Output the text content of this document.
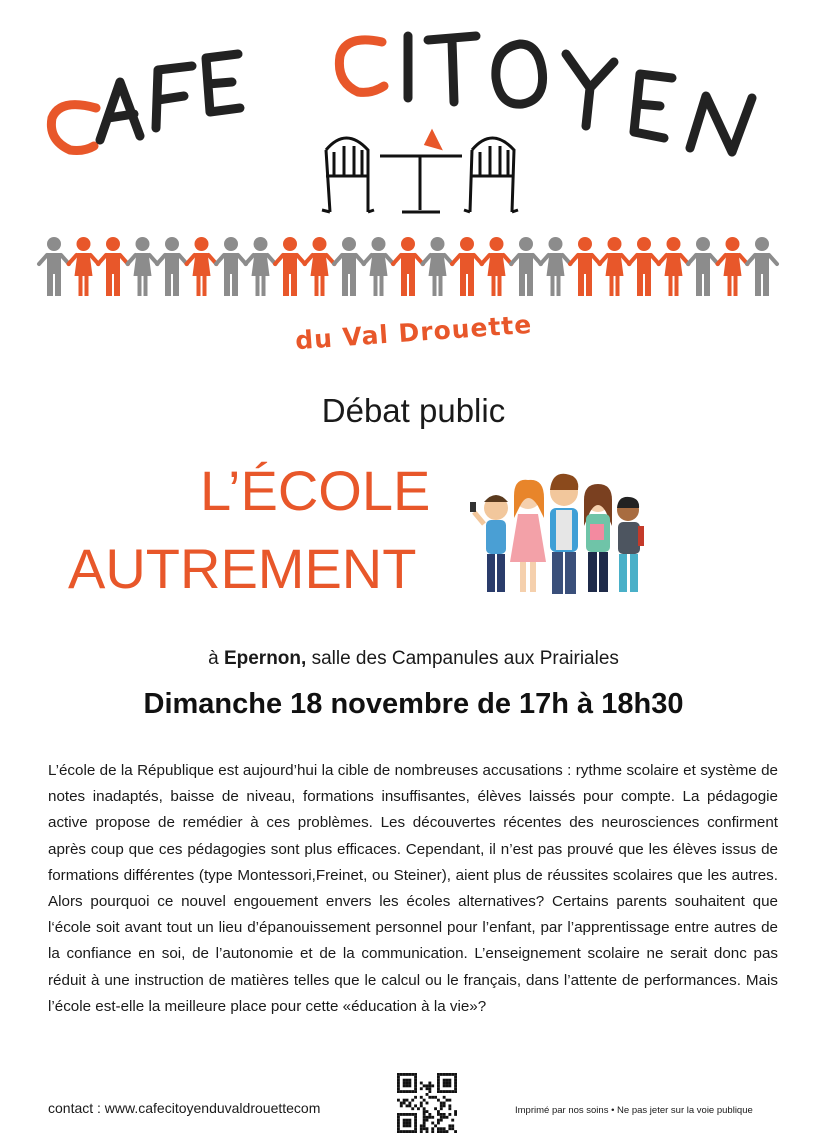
du Val Drouette
Débat public
L’ÉCOLE
AUTREMENT
à Epernon, salle des Campanules aux Prairiales
Dimanche 18 novembre de 17h à 18h30
L’école de la République est aujourd’hui la cible de nombreuses accusations : rythme scolaire et système de notes inadaptés, baisse de niveau, formations insuffisantes, élèves laissés pour compte. La pédagogie active propose de remédier à ces problèmes. Les découvertes récentes des neurosciences confirment après coup que ces pédagogies sont plus efficaces. Cependant, il n’est pas prouvé que les élèves issus de formations différentes (type Montessori,Freinet, ou Steiner), aient plus de réussites scolaires que les autres. Alors pourquoi ce nouvel engouement envers les écoles alternatives? Certains parents souhaitent que l‘école soit avant tout un lieu d’épanouissement personnel pour l’enfant, par l’apprentissage entre autres de la confiance en soi, de l’autonomie et de la communication. L’enseignement scolaire ne serait donc pas réduit à une instruction de matières telles que le calcul ou le français, dans l’attente de performances. Mais l’école est-elle la meilleure place pour cette «éducation à la vie»?
contact : www.cafecitoyenduvaldrouettecom	Imprimé par nos soins • Ne pas jeter sur la voie publique
